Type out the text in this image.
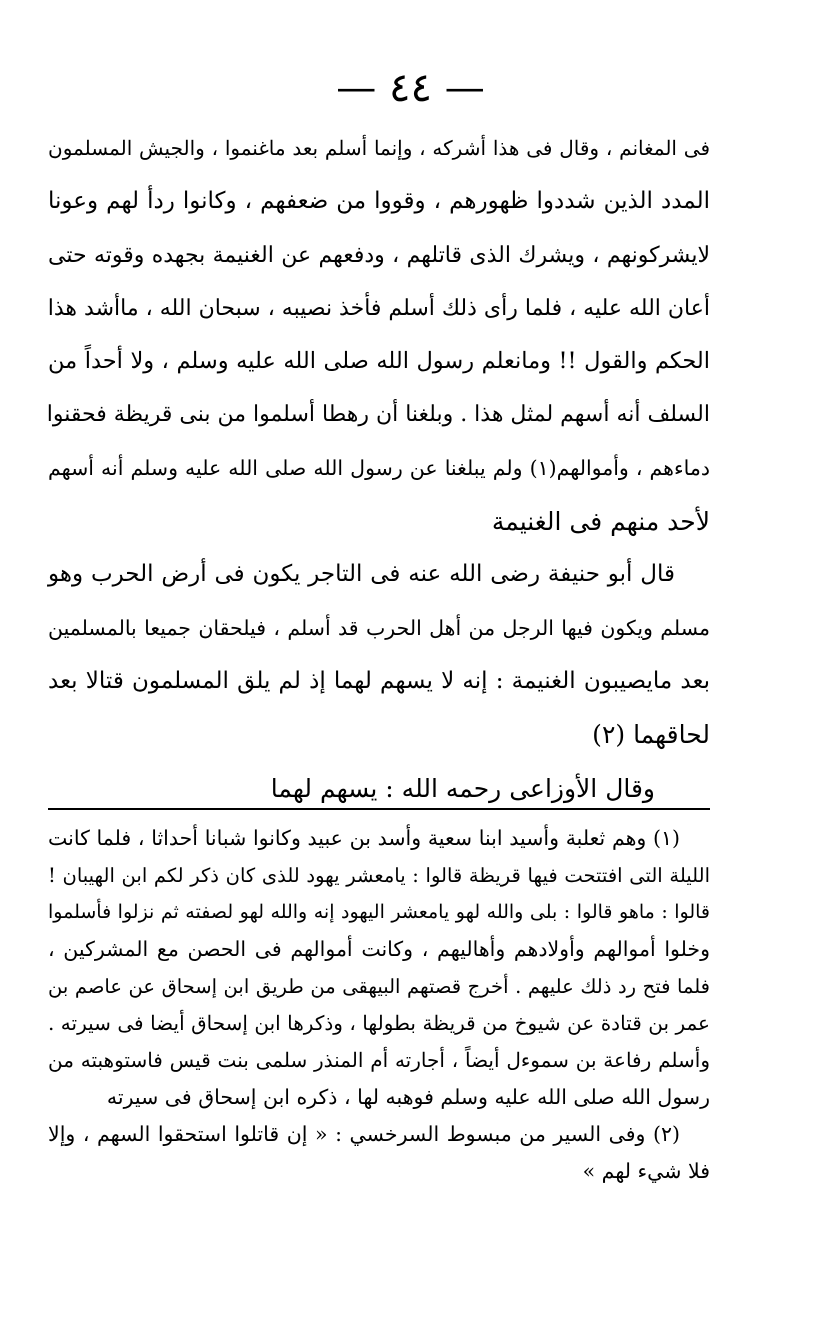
— ٤٤ —
فى المغانم ، وقال فى هذا أشركه ، وإنما أسلم بعد ماغنموا ، والجيش المسلمون
المدد الذين شددوا ظهورهم ، وقووا من ضعفهم ، وكانوا ردأ لهم وعونا
لايشركونهم ، ويشرك الذى قاتلهم ، ودفعهم عن الغنيمة بجهده وقوته حتى
أعان الله عليه ، فلما رأى ذلك أسلم فأخذ نصيبه ، سبحان الله ، ماأشد هذا
الحكم والقول !! ومانعلم رسول الله صلى الله عليه وسلم ، ولا أحداً من
السلف أنه أسهم لمثل هذا . وبلغنا أن رهطا أسلموا من بنى قريظة فحقنوا
دماءهم ، وأموالهم(١) ولم يبلغنا عن رسول الله صلى الله عليه وسلم أنه أسهم
لأحد منهم فى الغنيمة
قال أبو حنيفة رضى الله عنه فى التاجر يكون فى أرض الحرب وهو
مسلم ويكون فيها الرجل من أهل الحرب قد أسلم ، فيلحقان جميعا بالمسلمين
بعد مايصيبون الغنيمة : إنه لا يسهم لهما إذ لم يلق المسلمون قتالا بعد
لحاقهما (٢)
وقال الأوزاعى رحمه الله : يسهم لهما
(١) وهم ثعلبة وأسيد ابنا سعية وأسد بن عبيد وكانوا شبانا أحداثا ، فلما كانت
الليلة التى افتتحت فيها قريظة قالوا : يامعشر يهود للذى كان ذكر لكم ابن الهيبان !
قالوا : ماهو قالوا : بلى والله لهو يامعشر اليهود إنه والله لهو لصفته ثم نزلوا فأسلموا
وخلوا أموالهم وأولادهم وأهاليهم ، وكانت أموالهم فى الحصن مع المشركين ،
فلما فتح رد ذلك عليهم . أخرج قصتهم البيهقى من طريق ابن إسحاق عن عاصم بن
عمر بن قتادة عن شيوخ من قريظة بطولها ، وذكرها ابن إسحاق أيضا فى سيرته .
وأسلم رفاعة بن سموءل أيضاً ، أجارته أم المنذر سلمى بنت قيس فاستوهبته من
رسول الله صلى الله عليه وسلم فوهبه لها ، ذكره ابن إسحاق فى سيرته
(٢) وفى السير من مبسوط السرخسي : « إن قاتلوا استحقوا السهم ، وإلا
فلا شيء لهم »
